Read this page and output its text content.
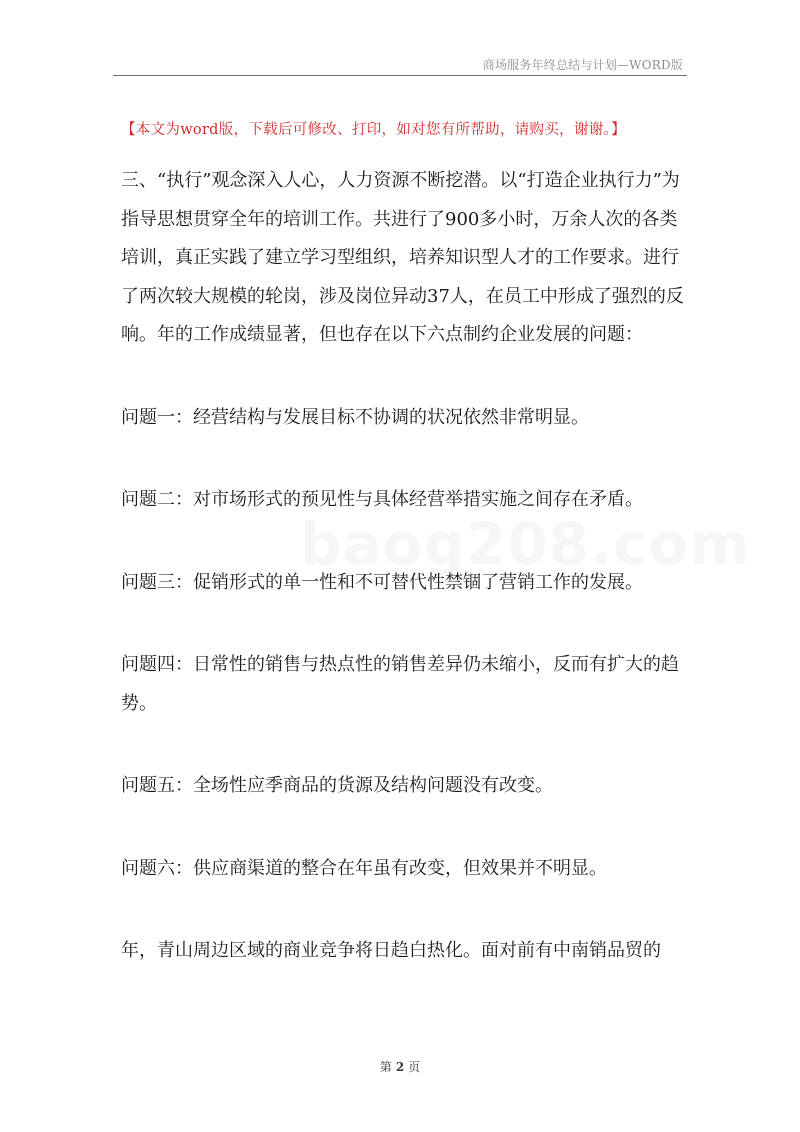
商场服务年终总结与计划—WORD版
【本文为word版，下载后可修改、打印，如对您有所帮助，请购买，谢谢。】
baog208.com

三、“执行”观念深入人心，人力资源不断挖潜。以“打造企业执行力”为指导思想贯穿全年的培训工作。共进行了900多小时，万余人次的各类培训，真正实践了建立学习型组织，培养知识型人才的工作要求。进行了两次较大规模的轮岗，涉及岗位异动37人，在员工中形成了强烈的反响。年的工作成绩显著，但也存在以下六点制约企业发展的问题：

问题一：经营结构与发展目标不协调的状况依然非常明显。

问题二：对市场形式的预见性与具体经营举措实施之间存在矛盾。

问题三：促销形式的单一性和不可替代性禁锢了营销工作的发展。

问题四：日常性的销售与热点性的销售差异仍未缩小，反而有扩大的趋势。

问题五：全场性应季商品的货源及结构问题没有改变。

问题六：供应商渠道的整合在年虽有改变，但效果并不明显。

年，青山周边区域的商业竞争将日趋白热化。面对前有中南销品贸的

第 2 页
